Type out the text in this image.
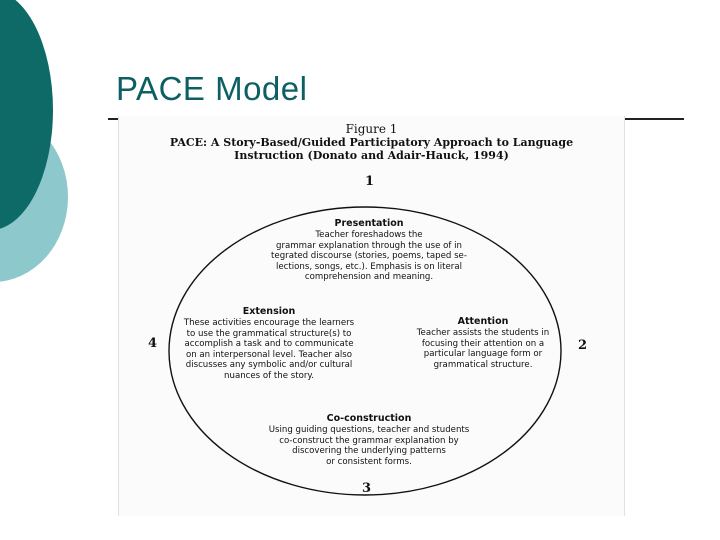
PACE Model
Figure 1
PACE: A Story-Based/Guided Participatory Approach to Language
Instruction (Donato and Adair-Hauck, 1994)
1
2
3
4
Presentation
Teacher foreshadows the
grammar explanation through the use of in
tegrated discourse (stories, poems, taped se-
lections, songs, etc.). Emphasis is on literal
comprehension and meaning.
Attention
Teacher assists the students in
focusing their attention on a
particular language form or
grammatical structure.
Co-construction
Using guiding questions, teacher and students
co-construct the grammar explanation by
discovering the underlying patterns
or consistent forms.
Extension
These activities encourage the learners
to use the grammatical structure(s) to
accomplish a task and to communicate
on an interpersonal level. Teacher also
discusses any symbolic and/or cultural
nuances of the story.
